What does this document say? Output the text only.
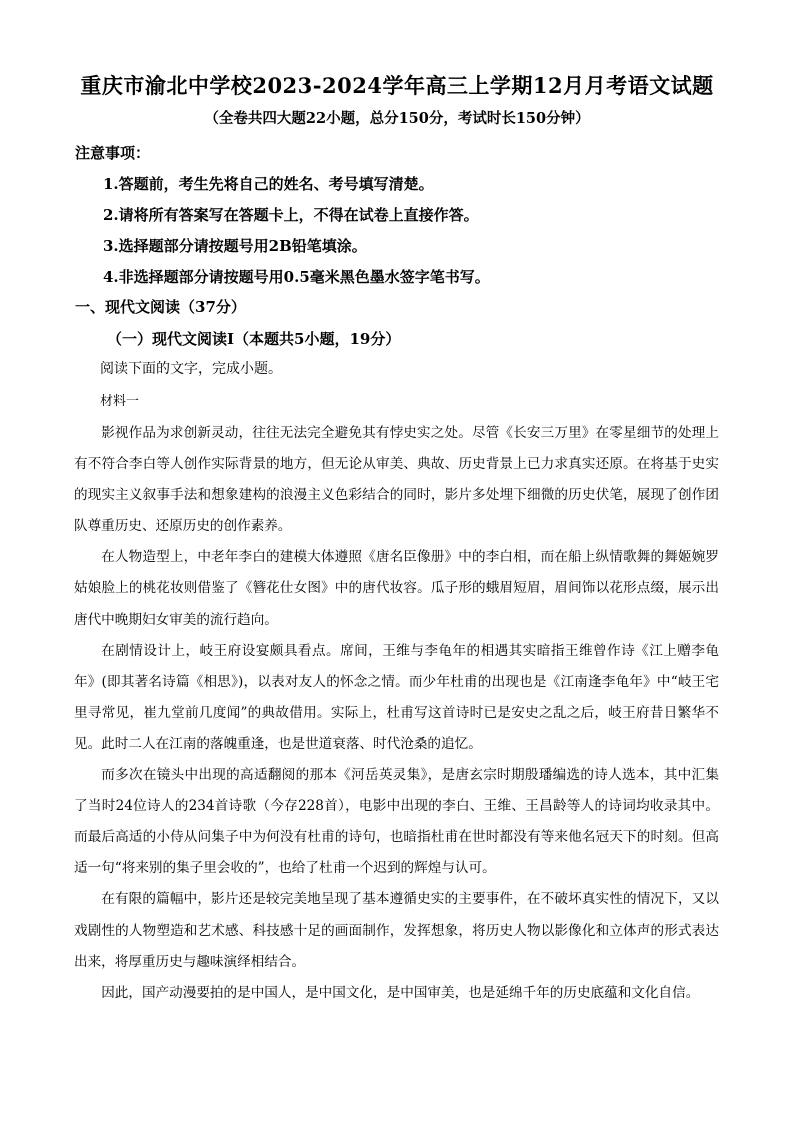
重庆市渝北中学校2023-2024学年高三上学期12月月考语文试题
（全卷共四大题22小题，总分150分，考试时长150分钟）
注意事项：
1.答题前，考生先将自己的姓名、考号填写清楚。
2.请将所有答案写在答题卡上，不得在试卷上直接作答。
3.选择题部分请按题号用2B铅笔填涂。
4.非选择题部分请按题号用0.5毫米黑色墨水签字笔书写。
一、现代文阅读（37分）
（一）现代文阅读Ⅰ（本题共5小题，19分）
阅读下面的文字，完成小题。
材料一

影视作品为求创新灵动，往往无法完全避免其有悖史实之处。尽管《长安三万里》在零星细节的处理上有不符合李白等人创作实际背景的地方，但无论从审美、典故、历史背景上已力求真实还原。在将基于史实的现实主义叙事手法和想象建构的浪漫主义色彩结合的同时，影片多处埋下细微的历史伏笔，展现了创作团队尊重历史、还原历史的创作素养。

在人物造型上，中老年李白的建模大体遵照《唐名臣像册》中的李白相，而在船上纵情歌舞的舞姬婉罗姑娘脸上的桃花妆则借鉴了《簪花仕女图》中的唐代妆容。瓜子形的蛾眉短眉，眉间饰以花形点缀，展示出唐代中晚期妇女审美的流行趋向。

在剧情设计上，岐王府设宴颇具看点。席间，王维与李龟年的相遇其实暗指王维曾作诗《江上赠李龟年》(即其著名诗篇《相思》)，以表对友人的怀念之情。而少年杜甫的出现也是《江南逢李龟年》中“岐王宅里寻常见，崔九堂前几度闻”的典故借用。实际上，杜甫写这首诗时已是安史之乱之后，岐王府昔日繁华不见。此时二人在江南的落魄重逢，也是世道衰落、时代沧桑的追忆。

而多次在镜头中出现的高适翻阅的那本《河岳英灵集》，是唐玄宗时期殷璠编选的诗人选本，其中汇集了当时24位诗人的234首诗歌（今存228首），电影中出现的李白、王维、王昌龄等人的诗词均收录其中。而最后高适的小侍从问集子中为何没有杜甫的诗句，也暗指杜甫在世时都没有等来他名冠天下的时刻。但高适一句“将来别的集子里会收的”，也给了杜甫一个迟到的辉煌与认可。

在有限的篇幅中，影片还是较完美地呈现了基本遵循史实的主要事件，在不破坏真实性的情况下，又以戏剧性的人物塑造和艺术感、科技感十足的画面制作，发挥想象，将历史人物以影像化和立体声的形式表达出来，将厚重历史与趣味演绎相结合。

因此，国产动漫要拍的是中国人，是中国文化，是中国审美，也是延绵千年的历史底蕴和文化自信。
